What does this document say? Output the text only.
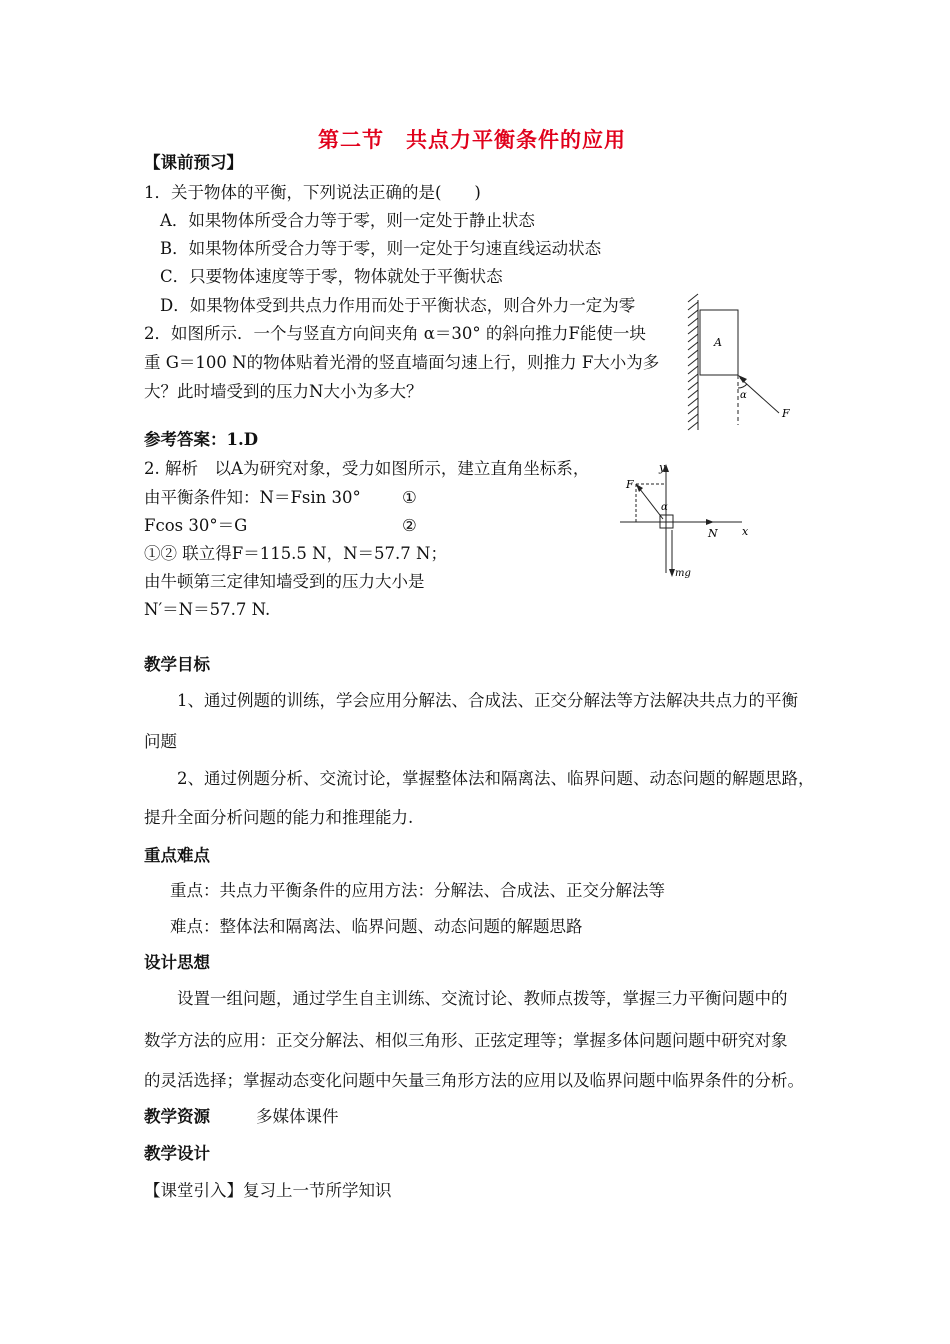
第二节　共点力平衡条件的应用
【课前预习】
1．关于物体的平衡，下列说法正确的是(　　)
A．如果物体所受合力等于零，则一定处于静止状态
B．如果物体所受合力等于零，则一定处于匀速直线运动状态
C．只要物体速度等于零，物体就处于平衡状态
D．如果物体受到共点力作用而处于平衡状态，则合外力一定为零
2．如图所示．一个与竖直方向间夹角 α＝30° 的斜向推力F能使一块
重 G＝100 N的物体贴着光滑的竖直墙面匀速上行，则推力 F大小为多
大？此时墙受到的压力N大小为多大？
A
α
F
参考答案：1.D
2. 解析　以A为研究对象，受力如图所示，建立直角坐标系，
由平衡条件知：N＝Fsin 30°	①
Fcos 30°＝G	②
①② 联立得F＝115.5 N，N＝57.7 N；
由牛顿第三定律知墙受到的压力大小是
N′＝N＝57.7 N.
y
x
F
α
N
mg
教学目标
1、通过例题的训练，学会应用分解法、合成法、正交分解法等方法解决共点力的平衡
问题
2、通过例题分析、交流讨论，掌握整体法和隔离法、临界问题、动态问题的解题思路，
提升全面分析问题的能力和推理能力.
重点难点
重点：共点力平衡条件的应用方法：分解法、合成法、正交分解法等
难点：整体法和隔离法、临界问题、动态问题的解题思路
设计思想
设置一组问题，通过学生自主训练、交流讨论、教师点拨等，掌握三力平衡问题中的
数学方法的应用：正交分解法、相似三角形、正弦定理等；掌握多体问题问题中研究对象
的灵活选择；掌握动态变化问题中矢量三角形方法的应用以及临界问题中临界条件的分析。
教学资源	多媒体课件
教学设计
【课堂引入】复习上一节所学知识
